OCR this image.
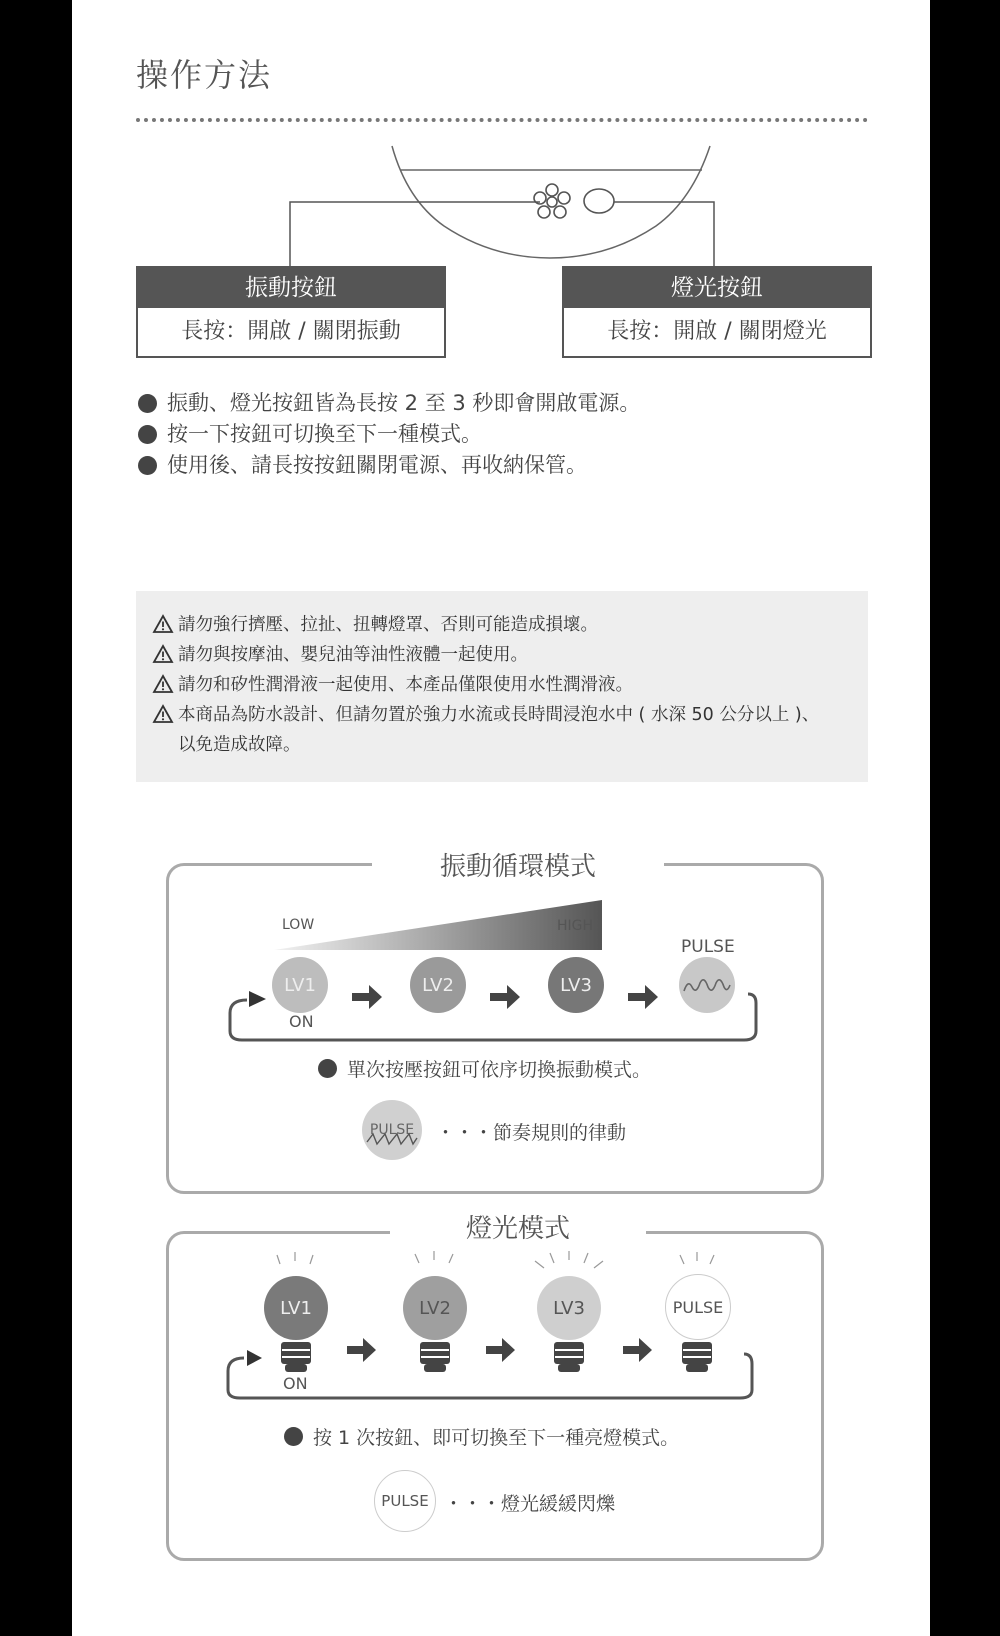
操作方法
振動按鈕
長按：開啟 / 關閉振動
燈光按鈕
長按：開啟 / 關閉燈光
振動、燈光按鈕皆為長按 2 至 3 秒即會開啟電源。
按一下按鈕可切換至下一種模式。
使用後、請長按按鈕關閉電源、再收納保管。
請勿強行擠壓、拉扯、扭轉燈罩、否則可能造成損壞。
請勿與按摩油、嬰兒油等油性液體一起使用。
請勿和矽性潤滑液一起使用、本產品僅限使用水性潤滑液。
本商品為防水設計、但請勿置於強力水流或長時間浸泡水中 ( 水深 50 公分以上 )、
以免造成故障。
振動循環模式
LOW	HIGH
PULSE
LV1	LV2	LV3
ON
單次按壓按鈕可依序切換振動模式。
PULSE ・・・節奏規則的律動
燈光模式
LV1	LV2	LV3	PULSE
ON
按 1 次按鈕、即可切換至下一種亮燈模式。
PULSE ・・・燈光緩緩閃爍
